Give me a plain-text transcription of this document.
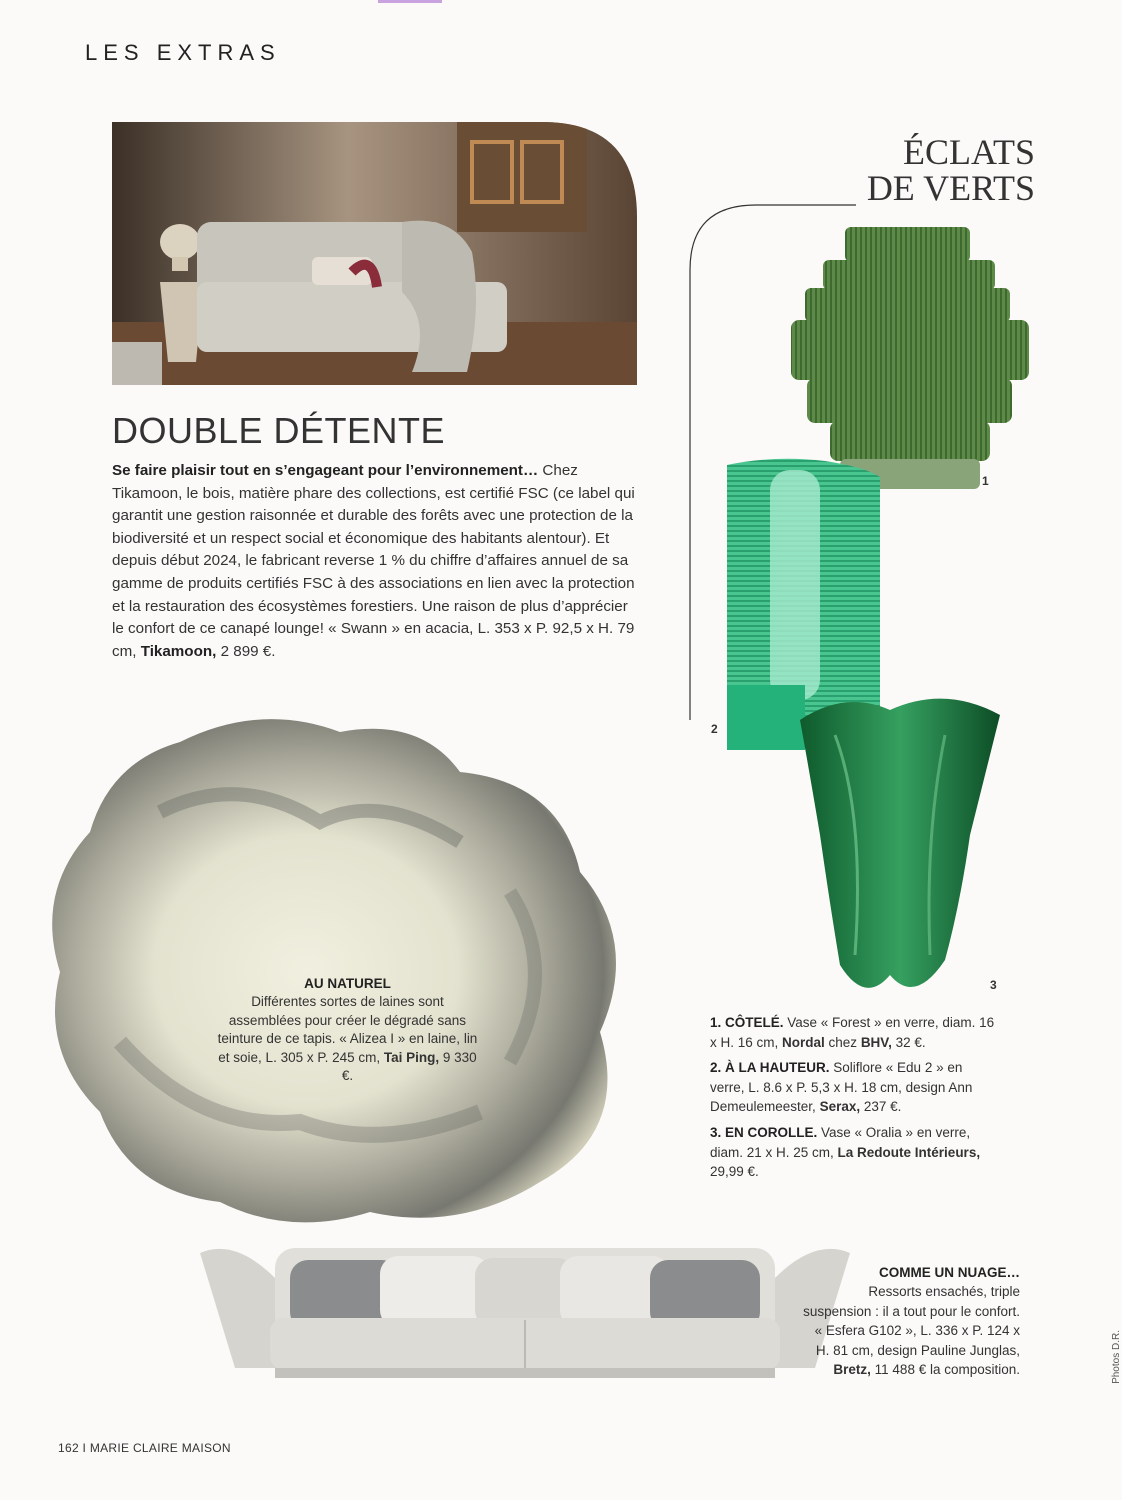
LES EXTRAS
DOUBLE DÉTENTE
Se faire plaisir tout en s’engageant pour l’environnement… Chez Tikamoon, le bois, matière phare des collections, est certifié FSC (ce label qui garantit une gestion raisonnée et durable des forêts avec une protection de la biodiversité et un respect social et économique des habitants alentour). Et depuis début 2024, le fabricant reverse 1 % du chiffre d’affaires annuel de sa gamme de produits certifiés FSC à des associations en lien avec la protection et la restauration des écosystèmes forestiers. Une raison de plus d’apprécier le confort de ce canapé lounge! « Swann » en acacia, L. 353 x P. 92,5 x H. 79 cm, Tikamoon, 2 899 €.
ÉCLATS
DE VERTS
AU NATUREL
Différentes sortes de laines sont assemblées pour créer le dégradé sans teinture de ce tapis. « Alizea I » en laine, lin et soie, L. 305 x P. 245 cm, Tai Ping, 9 330 €.
1
2
3

1. CÔTELÉ. Vase « Forest » en verre, diam. 16 x H. 16 cm, Nordal chez BHV, 32 €.

2. À LA HAUTEUR. Soliflore « Edu 2 » en verre, L. 8.6 x P. 5,3 x H. 18 cm, design Ann Demeulemeester, Serax, 237 €.

3. EN COROLLE. Vase « Oralia » en verre, diam. 21 x H. 25 cm, La Redoute Intérieurs, 29,99 €.

COMME UN NUAGE…
Ressorts ensachés, triple suspension : il a tout pour le confort. « Esfera G102 », L. 336 x P. 124 x H. 81 cm, design Pauline Junglas, Bretz, 11 488 € la composition.	Photos D.R.
162 I MARIE CLAIRE MAISON
